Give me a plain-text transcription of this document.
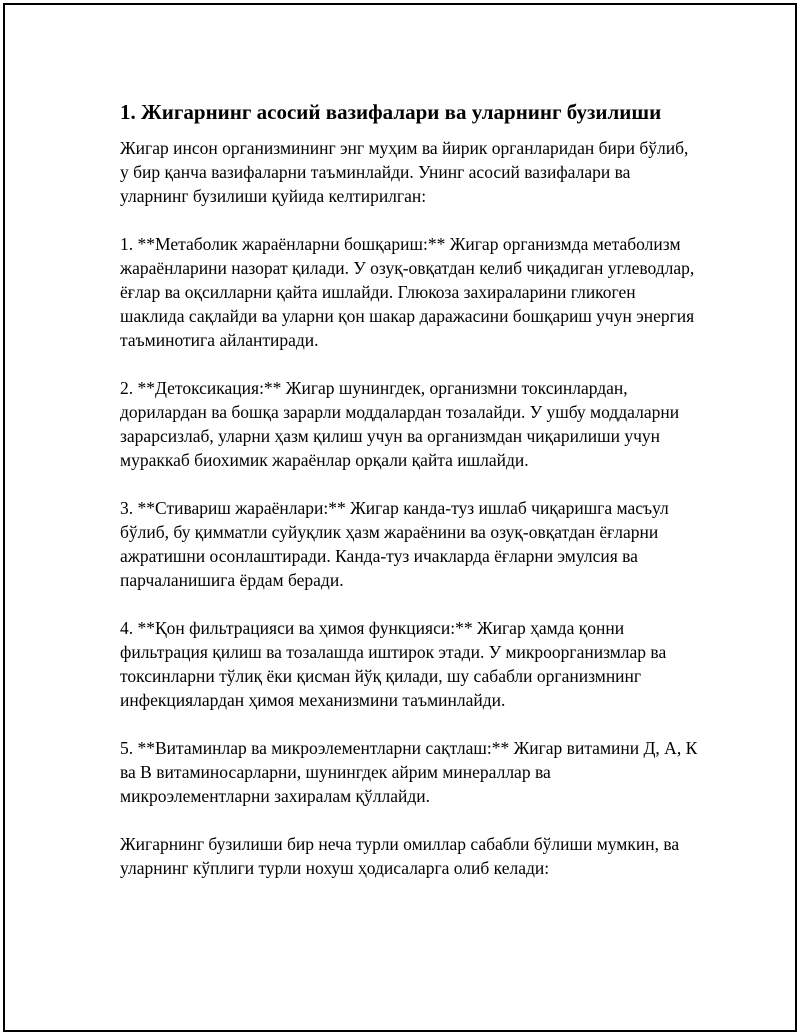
1. Жигарнинг асосий вазифалари ва уларнинг бузилиши

Жигар инсон организмининг энг муҳим ва йирик органларидан бири бўлиб, у бир қанча вазифаларни таъминлайди. Унинг асосий вазифалари ва уларнинг бузилиши қуйида келтирилган:

1. **Метаболик жараёнларни бошқариш:** Жигар организмда метаболизм жараёнларини назорат қилади. У озуқ-овқатдан келиб чиқадиган углеводлар, ёғлар ва оқсилларни қайта ишлайди. Глюкоза захираларини гликоген шаклида сақлайди ва уларни қон шакар даражасини бошқариш учун энергия таъминотига айлантиради.

2. **Детоксикация:** Жигар шунингдек, организмни токсинлардан, дорилардан ва бошқа зарарли моддалардан тозалайди. У ушбу моддаларни зарарсизлаб, уларни ҳазм қилиш учун ва организмдан чиқарилиши учун мураккаб биохимик жараёнлар орқали қайта ишлайди.

3. **Стивариш жараёнлари:** Жигар канда-туз ишлаб чиқаришга масъул бўлиб, бу қимматли суйуқлик ҳазм жараёнини ва озуқ-овқатдан ёғларни ажратишни осонлаштиради. Канда-туз ичакларда ёғларни эмулсия ва парчаланишига ёрдам беради.

4. **Қон фильтрацияси ва ҳимоя функцияси:** Жигар ҳамда қонни фильтрация қилиш ва тозалашда иштирок этади. У микроорганизмлар ва токсинларни тўлиқ ёки қисман йўқ қилади, шу сабабли организмнинг инфекциялардан ҳимоя механизмини таъминлайди.

5. **Витаминлар ва микроэлементларни сақтлаш:** Жигар витамини Д, А, К ва В витаминосарларни, шунингдек айрим минераллар ва микроэлементларни захиралам қўллайди.

Жигарнинг бузилиши бир неча турли омиллар сабабли бўлиши мумкин, ва уларнинг кўплиги турли нохуш ҳодисаларга олиб келади:
